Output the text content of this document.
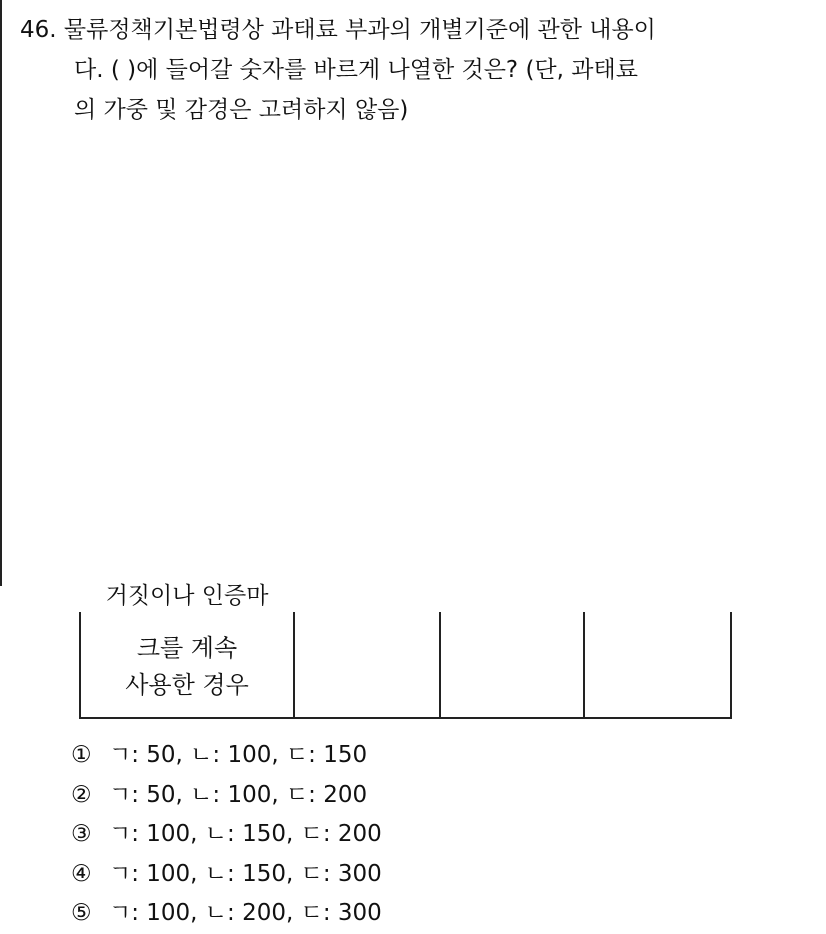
46. 물류정책기본법령상 과태료 부과의 개별기준에 관한 내용이
다. ( )에 들어갈 숫자를 바르게 나열한 것은? (단, 과태료
의 가중 및 감경은 고려하지 않음)
거짓이나 인증마
크를 계속
사용한 경우
① ㄱ: 50, ㄴ: 100, ㄷ: 150
② ㄱ: 50, ㄴ: 100, ㄷ: 200
③ ㄱ: 100, ㄴ: 150, ㄷ: 200
④ ㄱ: 100, ㄴ: 150, ㄷ: 300
⑤ ㄱ: 100, ㄴ: 200, ㄷ: 300
